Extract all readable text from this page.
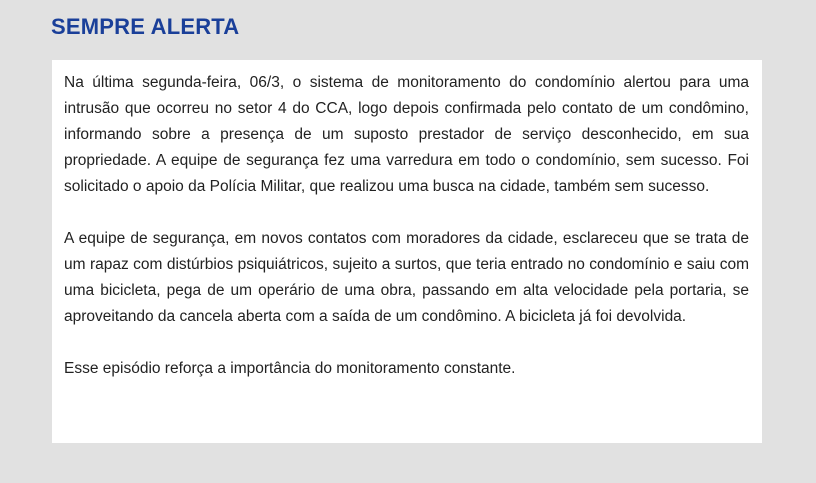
SEMPRE ALERTA

Na última segunda-feira, 06/3, o sistema de monitoramento do condomínio alertou para uma intrusão que ocorreu no setor 4 do CCA, logo depois confirmada pelo contato de um condômino, informando sobre a presença de um suposto prestador de serviço desconhecido, em sua propriedade. A equipe de segurança fez uma varredura em todo o condomínio, sem sucesso. Foi solicitado o apoio da Polícia Militar, que realizou uma busca na cidade, também sem sucesso.

A equipe de segurança, em novos contatos com moradores da cidade, esclareceu que se trata de um rapaz com distúrbios psiquiátricos, sujeito a surtos, que teria entrado no condomínio e saiu com uma bicicleta, pega de um operário de uma obra, passando em alta velocidade pela portaria, se aproveitando da cancela aberta com a saída de um condômino. A bicicleta já foi devolvida.

Esse episódio reforça a importância do monitoramento constante.
